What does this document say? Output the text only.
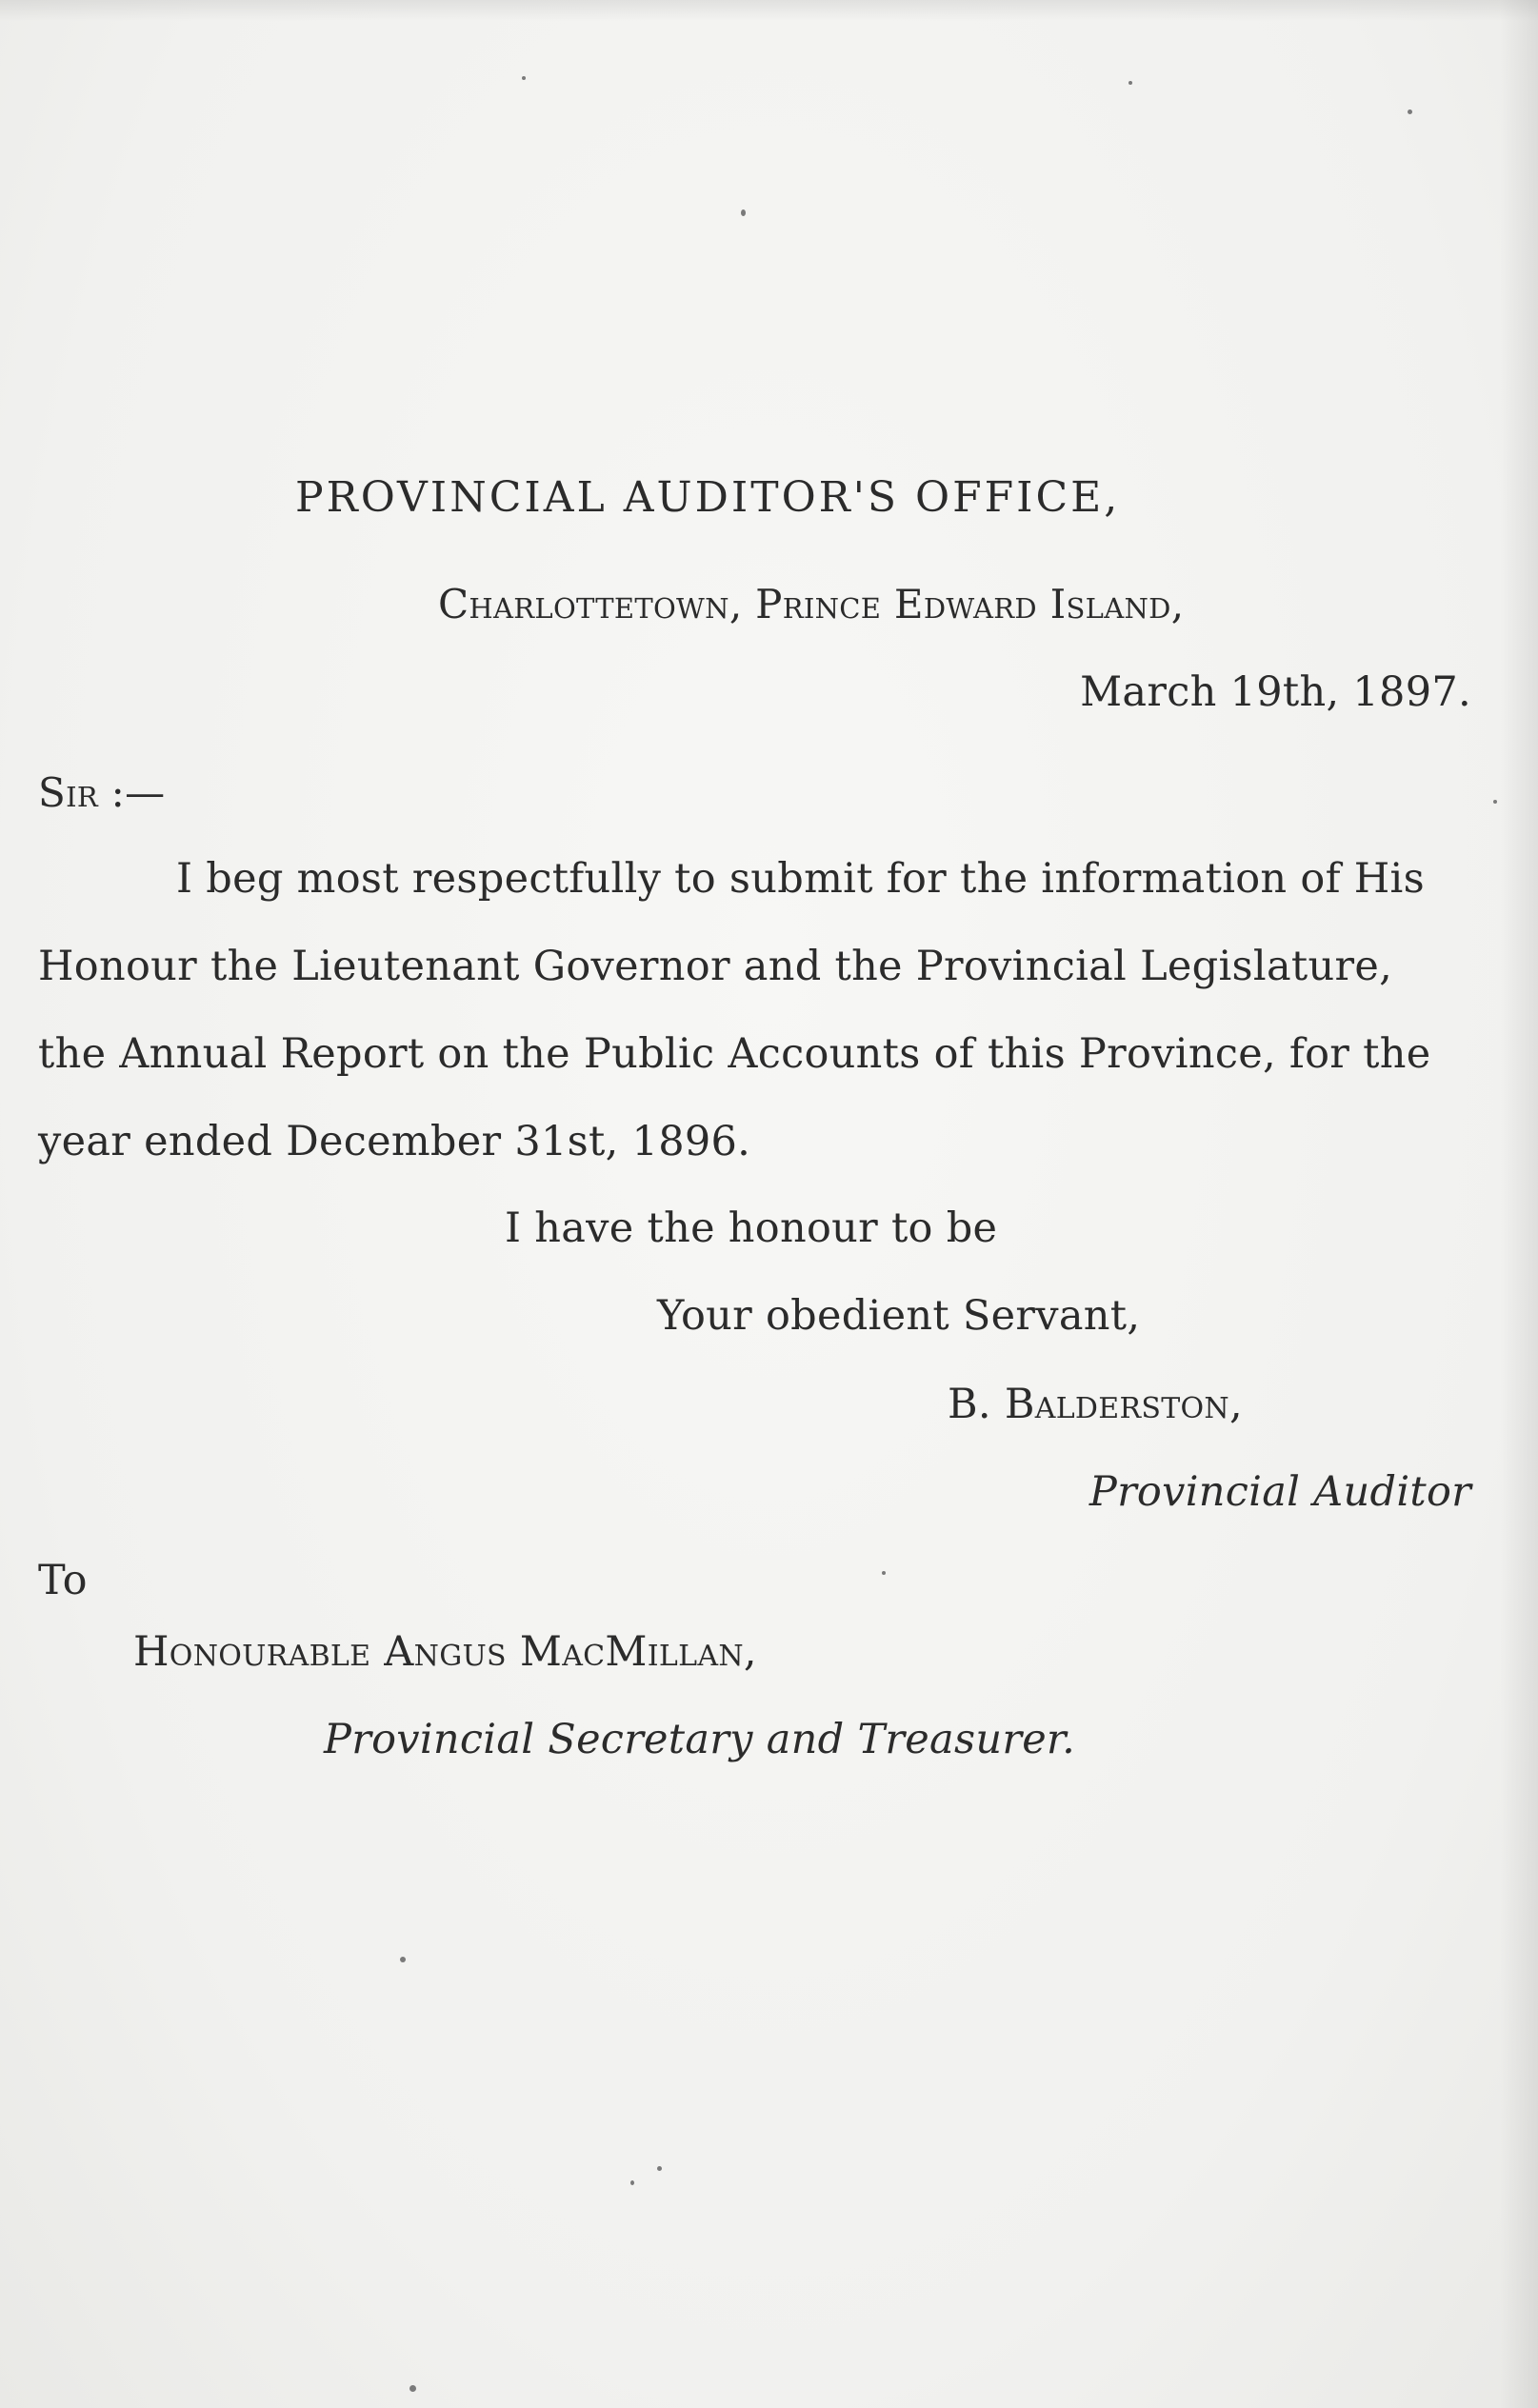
PROVINCIAL AUDITOR'S OFFICE,
Charlottetown, Prince Edward Island,
March 19th, 1897.
Sir :—
I beg most respectfully to submit for the information of His
Honour the Lieutenant Governor and the Provincial Legislature,
the Annual Report on the Public Accounts of this Province, for the
year ended December 31st, 1896.
I have the honour to be
Your obedient Servant,
B. Balderston,
Provincial Auditor
To
Honourable Angus MacMillan,
Provincial Secretary and Treasurer.
